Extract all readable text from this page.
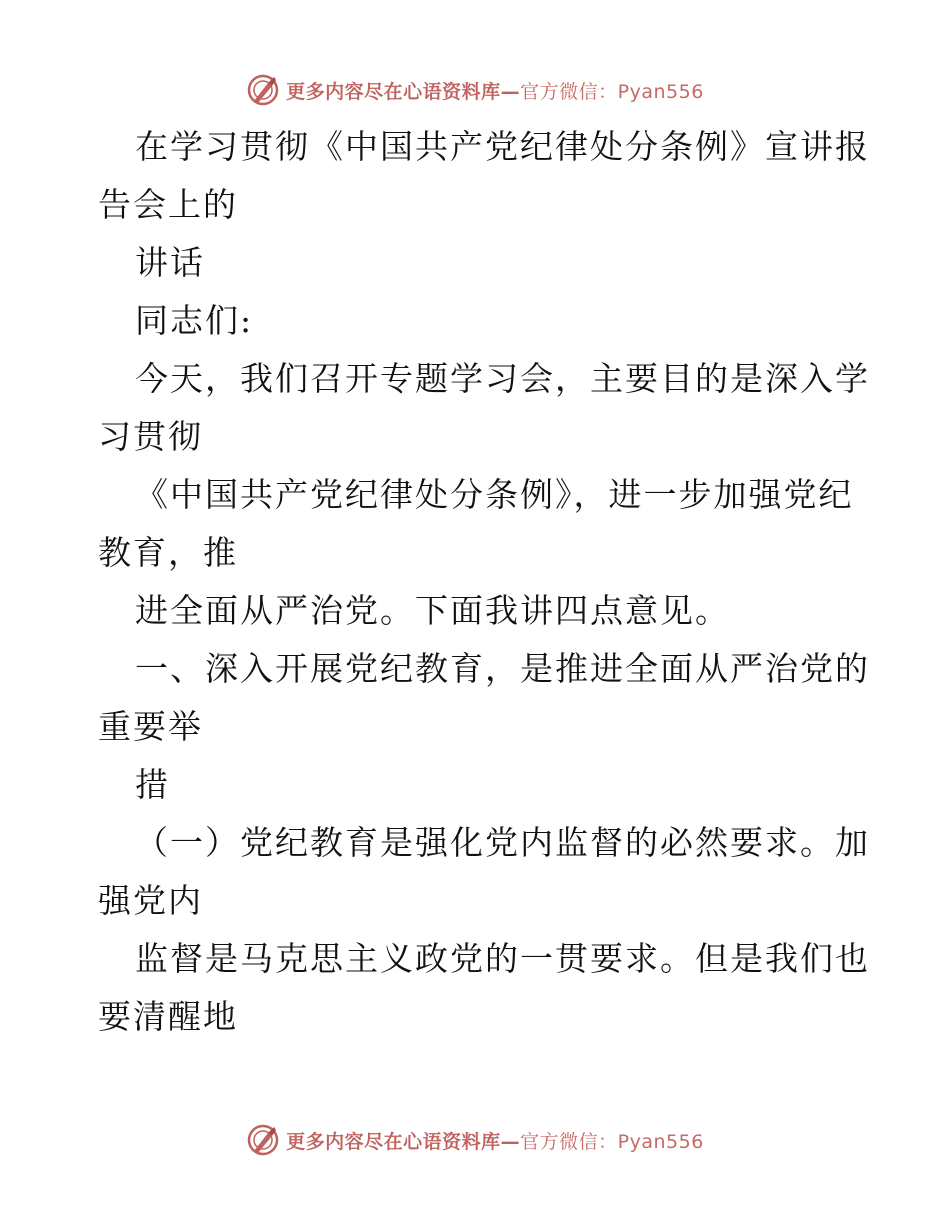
更多内容尽在心语资料库—官方微信：Pyan556
在学习贯彻《中国共产党纪律处分条例》宣讲报
告会上的
讲话
同志们:
今天，我们召开专题学习会，主要目的是深入学
习贯彻
《中国共产党纪律处分条例》，进一步加强党纪
教育，推
进全面从严治党。下面我讲四点意见。
一、深入开展党纪教育，是推进全面从严治党的
重要举
措
（一）党纪教育是强化党内监督的必然要求。加
强党内
监督是马克思主义政党的一贯要求。但是我们也
要清醒地
更多内容尽在心语资料库—官方微信：Pyan556
